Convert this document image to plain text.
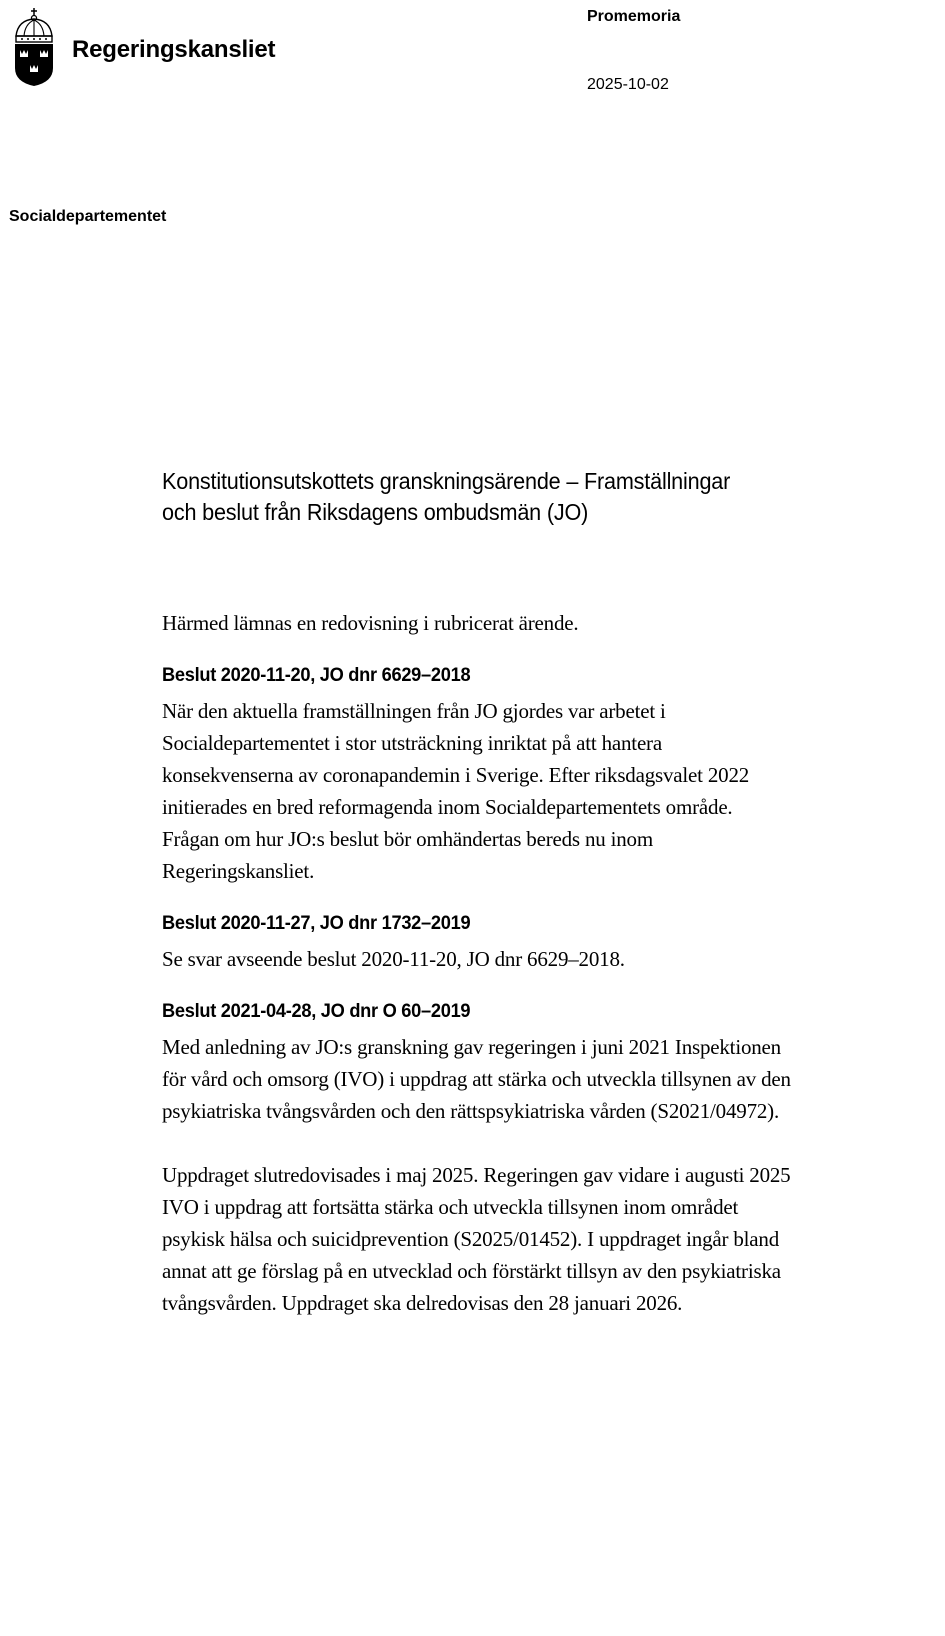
Regeringskansliet
Promemoria
2025-10-02
Socialdepartementet
Konstitutionsutskottets granskningsärende – Framställningar
och beslut från Riksdagens ombudsmän (JO)

Härmed lämnas en redovisning i rubricerat ärende.

Beslut 2020-11-20, JO dnr 6629–2018

När den aktuella framställningen från JO gjordes var arbetet i
Socialdepartementet i stor utsträckning inriktat på att hantera
konsekvenserna av coronapandemin i Sverige. Efter riksdagsvalet 2022
initierades en bred reformagenda inom Socialdepartementets område.
Frågan om hur JO:s beslut bör omhändertas bereds nu inom
Regeringskansliet.

Beslut 2020-11-27, JO dnr 1732–2019

Se svar avseende beslut 2020-11-20, JO dnr 6629–2018.

Beslut 2021-04-28, JO dnr O 60–2019

Med anledning av JO:s granskning gav regeringen i juni 2021 Inspektionen
för vård och omsorg (IVO) i uppdrag att stärka och utveckla tillsynen av den
psykiatriska tvångsvården och den rättspsykiatriska vården (S2021/04972).

Uppdraget slutredovisades i maj 2025. Regeringen gav vidare i augusti 2025
IVO i uppdrag att fortsätta stärka och utveckla tillsynen inom området
psykisk hälsa och suicidprevention (S2025/01452). I uppdraget ingår bland
annat att ge förslag på en utvecklad och förstärkt tillsyn av den psykiatriska
tvångsvården. Uppdraget ska delredovisas den 28 januari 2026.
